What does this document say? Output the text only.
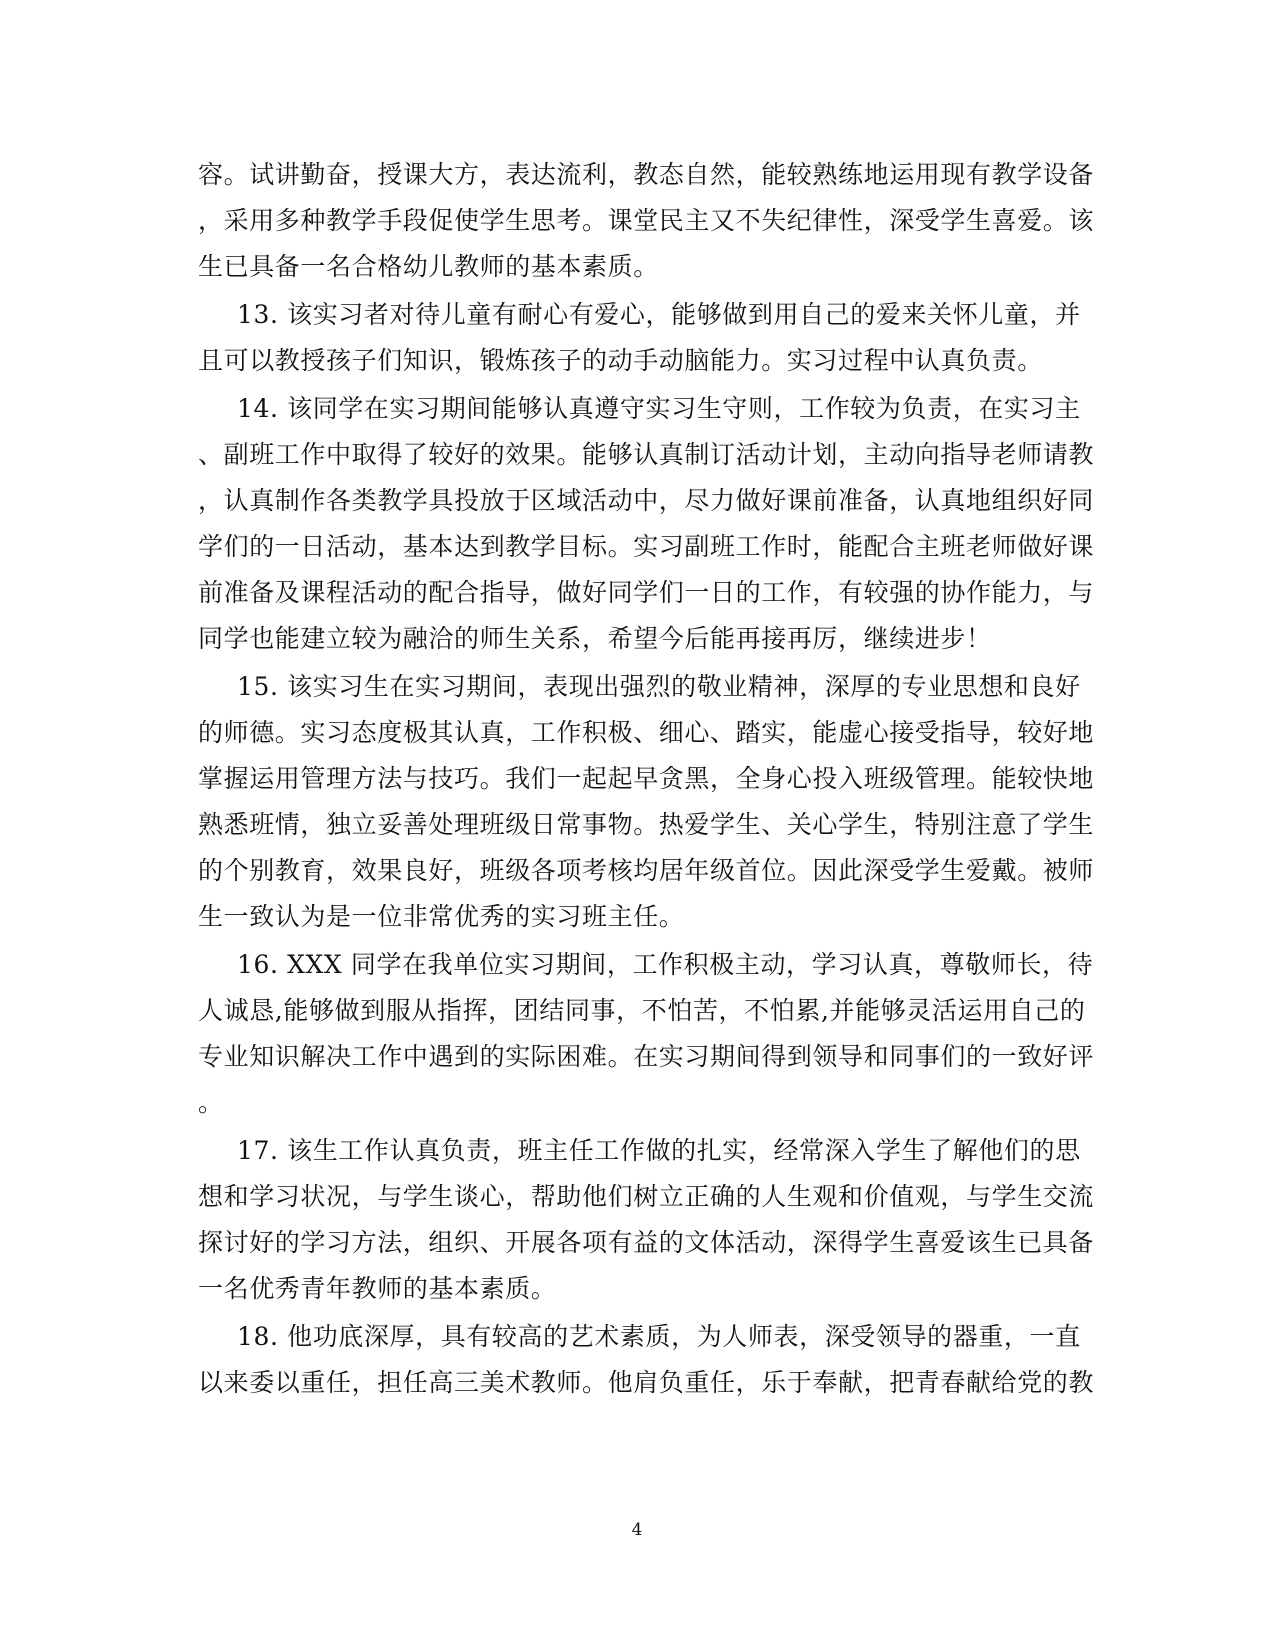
容。试讲勤奋，授课大方，表达流利，教态自然，能较熟练地运用现有教学设备
，采用多种教学手段促使学生思考。课堂民主又不失纪律性，深受学生喜爱。该
生已具备一名合格幼儿教师的基本素质。
13. 该实习者对待儿童有耐心有爱心，能够做到用自己的爱来关怀儿童，并
且可以教授孩子们知识，锻炼孩子的动手动脑能力。实习过程中认真负责。
14. 该同学在实习期间能够认真遵守实习生守则，工作较为负责，在实习主
、副班工作中取得了较好的效果。能够认真制订活动计划，主动向指导老师请教
，认真制作各类教学具投放于区域活动中，尽力做好课前准备，认真地组织好同
学们的一日活动，基本达到教学目标。实习副班工作时，能配合主班老师做好课
前准备及课程活动的配合指导，做好同学们一日的工作，有较强的协作能力，与
同学也能建立较为融洽的师生关系，希望今后能再接再厉，继续进步！
15. 该实习生在实习期间，表现出强烈的敬业精神，深厚的专业思想和良好
的师德。实习态度极其认真，工作积极、细心、踏实，能虚心接受指导，较好地
掌握运用管理方法与技巧。我们一起起早贪黑，全身心投入班级管理。能较快地
熟悉班情，独立妥善处理班级日常事物。热爱学生、关心学生，特别注意了学生
的个别教育，效果良好，班级各项考核均居年级首位。因此深受学生爱戴。被师
生一致认为是一位非常优秀的实习班主任。
16. XXX 同学在我单位实习期间，工作积极主动，学习认真，尊敬师长，待
人诚恳,能够做到服从指挥，团结同事，不怕苦，不怕累,并能够灵活运用自己的
专业知识解决工作中遇到的实际困难。在实习期间得到领导和同事们的一致好评
。
17. 该生工作认真负责，班主任工作做的扎实，经常深入学生了解他们的思
想和学习状况，与学生谈心，帮助他们树立正确的人生观和价值观，与学生交流
探讨好的学习方法，组织、开展各项有益的文体活动，深得学生喜爱该生已具备
一名优秀青年教师的基本素质。
18. 他功底深厚，具有较高的艺术素质，为人师表，深受领导的器重，一直
以来委以重任，担任高三美术教师。他肩负重任，乐于奉献，把青春献给党的教
4
